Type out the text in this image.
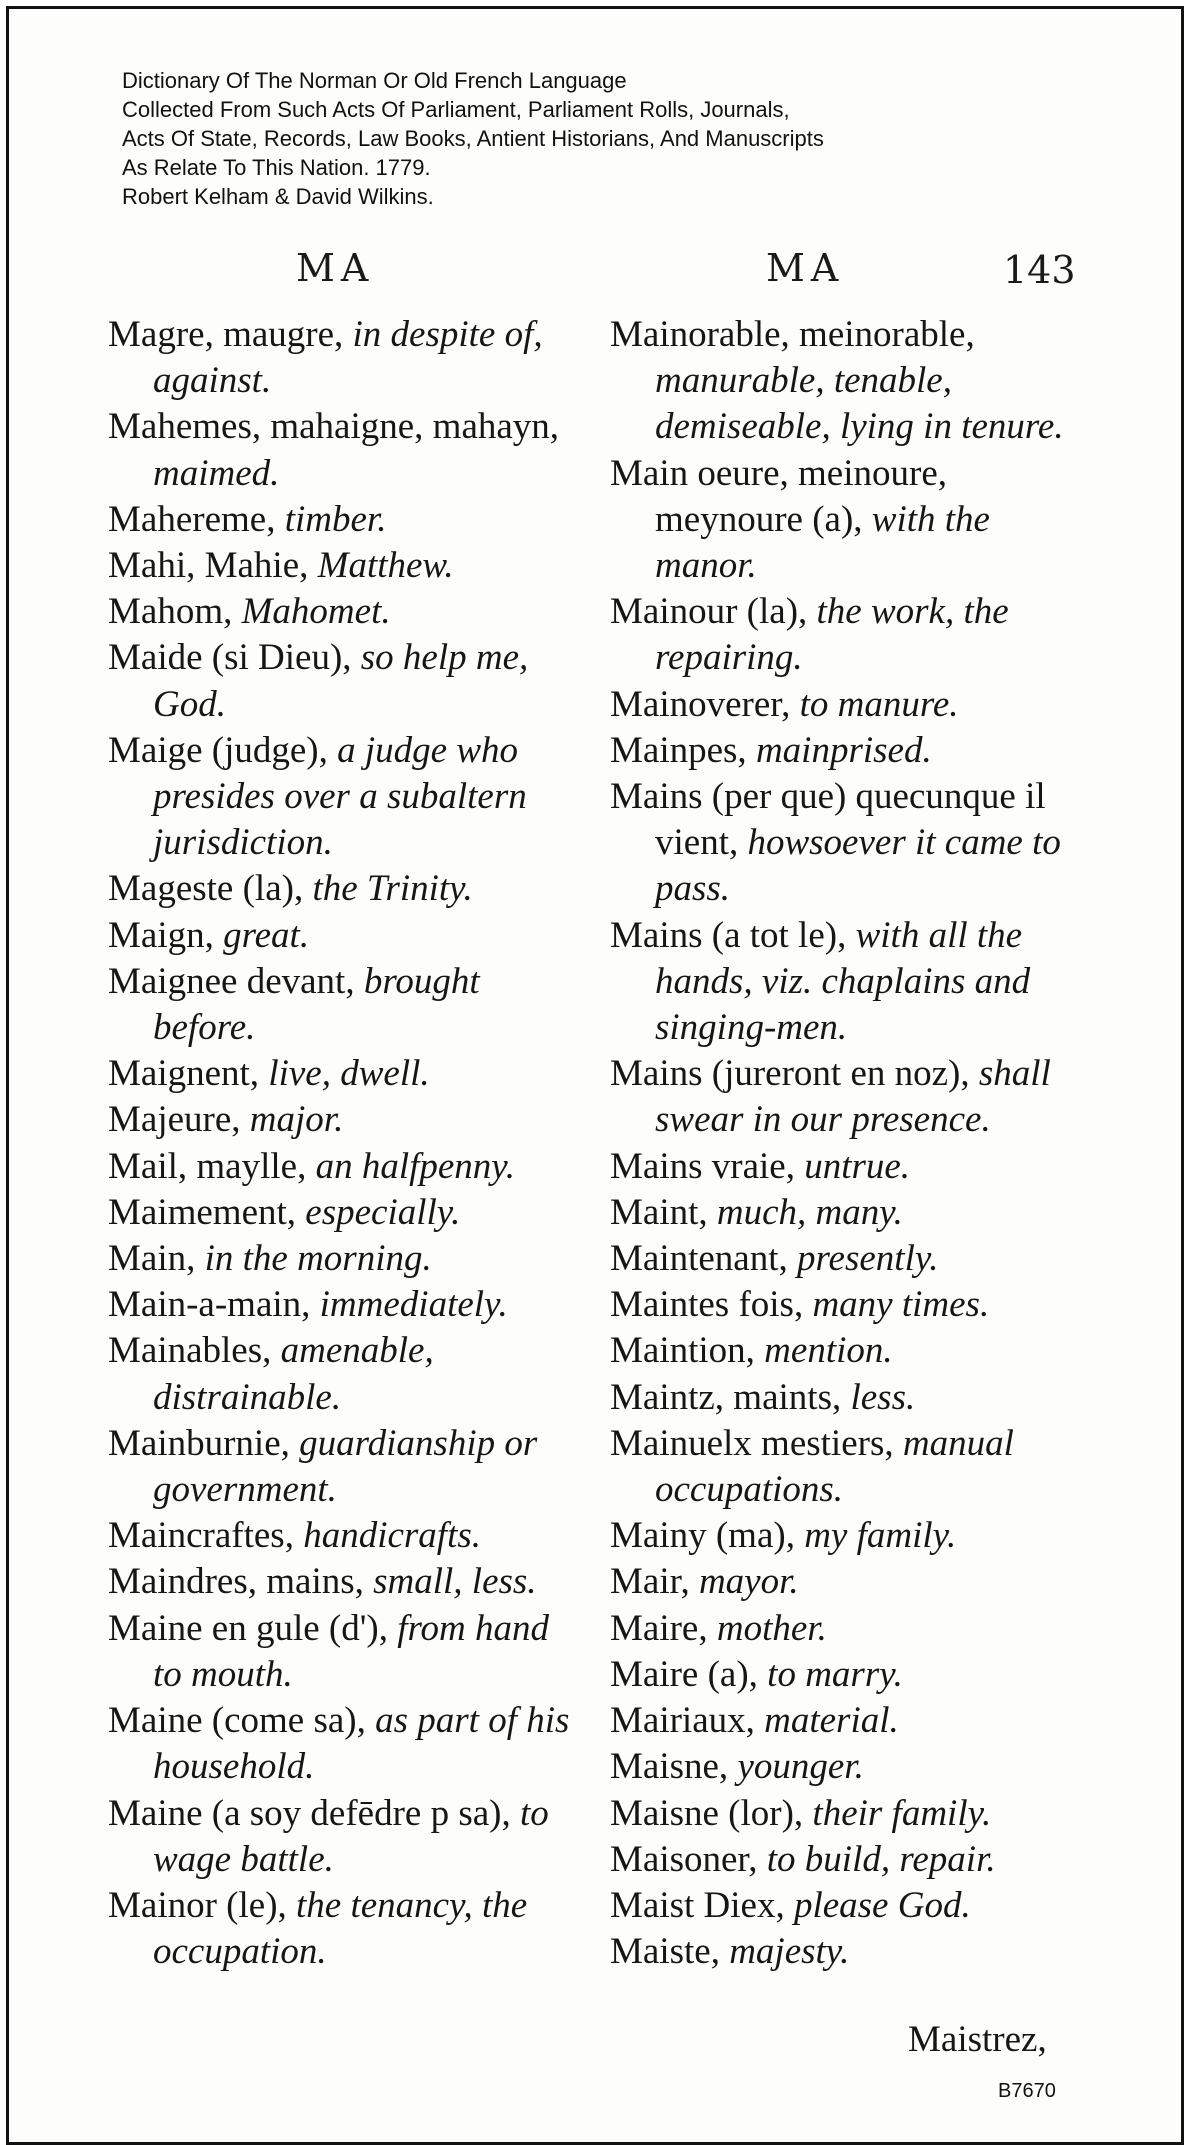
Dictionary Of The Norman Or Old French Language
Collected From Such Acts Of Parliament, Parliament Rolls, Journals,
Acts Of State, Records, Law Books, Antient Historians, And Manuscripts
As Relate To This Nation. 1779.
Robert Kelham & David Wilkins.
MA	MA	143
Magre, maugre, in despite of, against.
Mahemes, mahaigne, mahayn, maimed.
Mahereme, timber.
Mahi, Mahie, Matthew.
Mahom, Mahomet.
Maide (si Dieu), so help me, God.
Maige (judge), a judge who presides over a subaltern jurisdiction.
Mageste (la), the Trinity.
Maign, great.
Maignee devant, brought before.
Maignent, live, dwell.
Majeure, major.
Mail, maylle, an halfpenny.
Maimement, especially.
Main, in the morning.
Main-a-main, immediately.
Mainables, amenable, distrainable.
Mainburnie, guardianship or government.
Maincraftes, handicrafts.
Maindres, mains, small, less.
Maine en gule (d'), from hand to mouth.
Maine (come sa), as part of his household.
Maine (a soy defēdre p sa), to wage battle.
Mainor (le), the tenancy, the occupation.
Mainorable, meinorable, manurable, tenable, demiseable, lying in tenure.
Main oeure, meinoure, meynoure (a), with the manor.
Mainour (la), the work, the repairing.
Mainoverer, to manure.
Mainpes, mainprised.
Mains (per que) quecunque il vient, howsoever it came to pass.
Mains (a tot le), with all the hands, viz. chaplains and singing-men.
Mains (jureront en noz), shall swear in our presence.
Mains vraie, untrue.
Maint, much, many.
Maintenant, presently.
Maintes fois, many times.
Maintion, mention.
Maintz, maints, less.
Mainuelx mestiers, manual occupations.
Mainy (ma), my family.
Mair, mayor.
Maire, mother.
Maire (a), to marry.
Mairiaux, material.
Maisne, younger.
Maisne (lor), their family.
Maisoner, to build, repair.
Maist Diex, please God.
Maiste, majesty.
Maistrez,
B7670
